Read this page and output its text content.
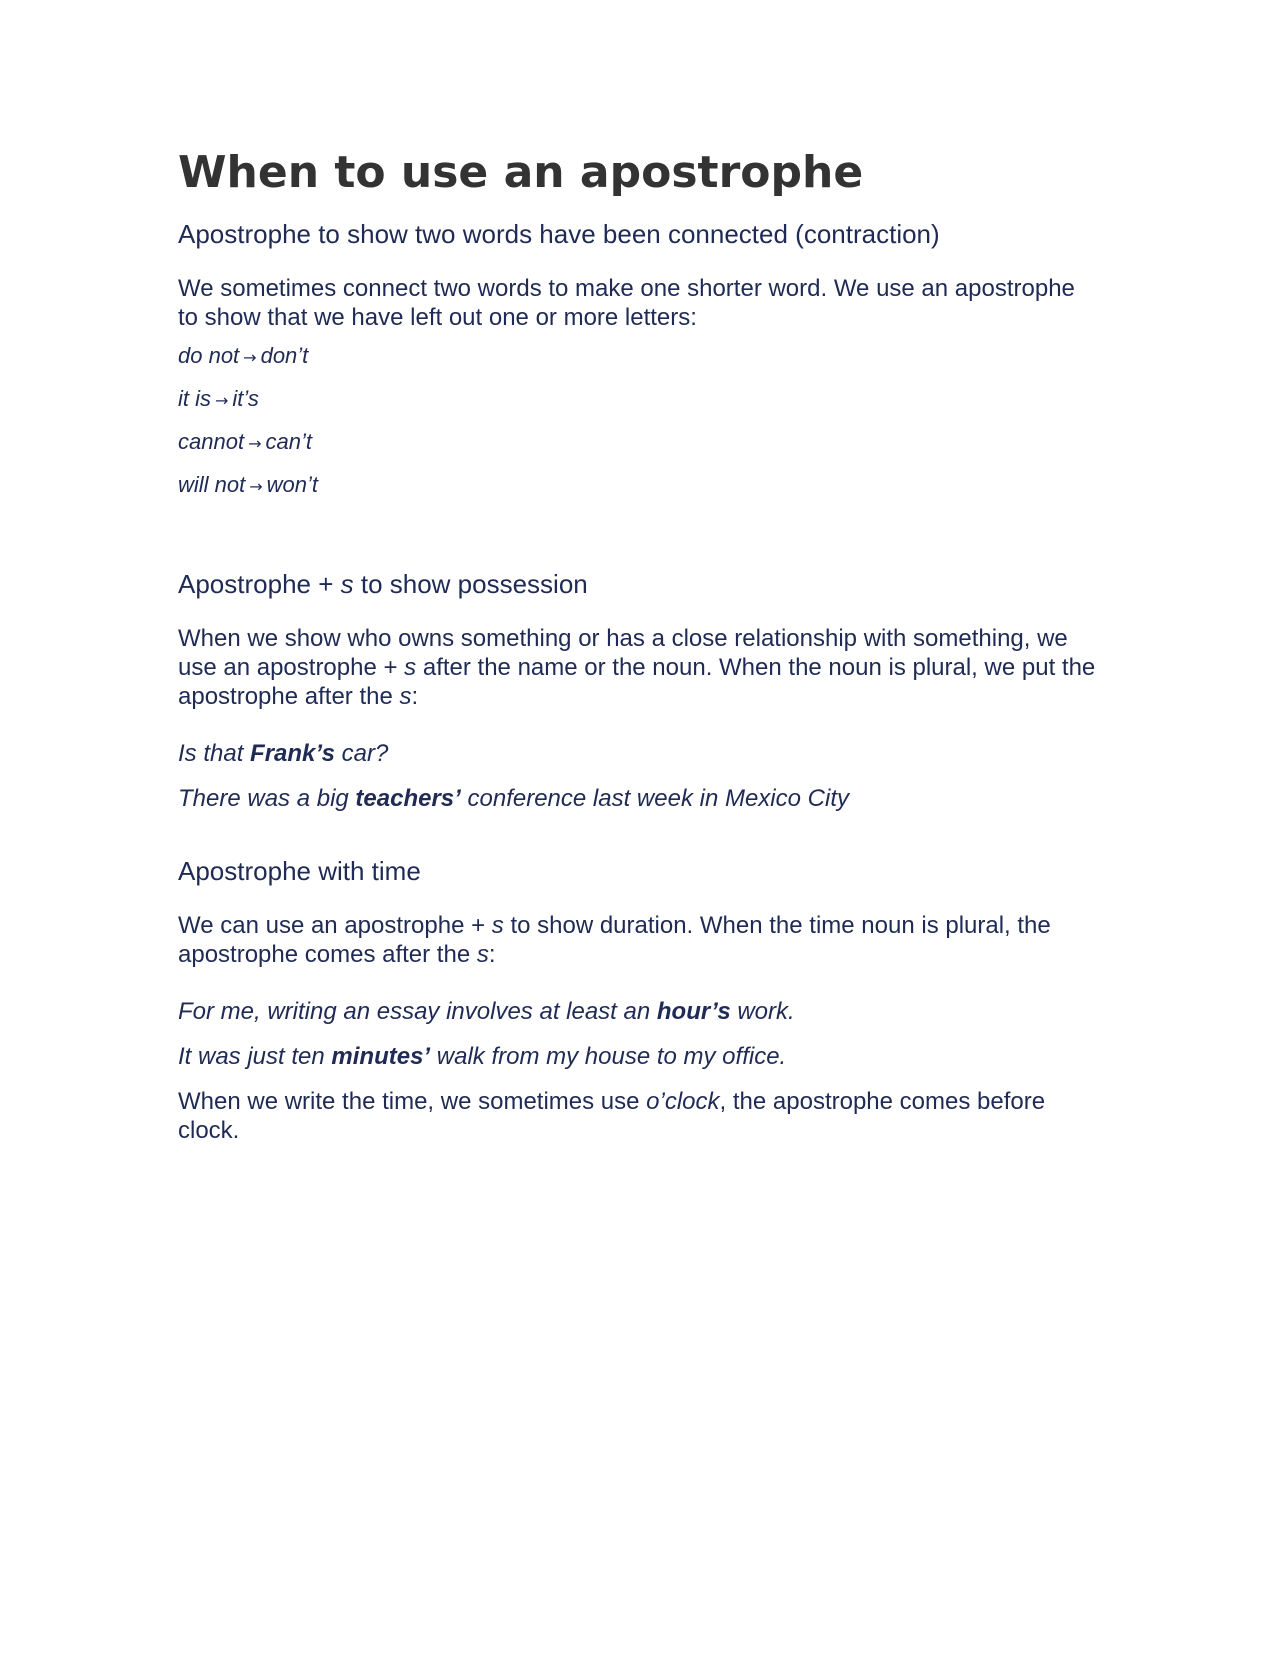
When to use an apostrophe
Apostrophe to show two words have been connected (contraction)

We sometimes connect two words to make one shorter word. We use an apostrophe to show that we have left out one or more letters:

do not → don’t

it is → it’s

cannot → can’t

will not → won’t

Apostrophe + s to show possession

When we show who owns something or has a close relationship with something, we use an apostrophe + s after the name or the noun. When the noun is plural, we put the apostrophe after the s:

Is that Frank’s car?

There was a big teachers’ conference last week in Mexico City

Apostrophe with time

We can use an apostrophe + s to show duration. When the time noun is plural, the apostrophe comes after the s:

For me, writing an essay involves at least an hour’s work.

It was just ten minutes’ walk from my house to my office.

When we write the time, we sometimes use o’clock, the apostrophe comes before clock.
